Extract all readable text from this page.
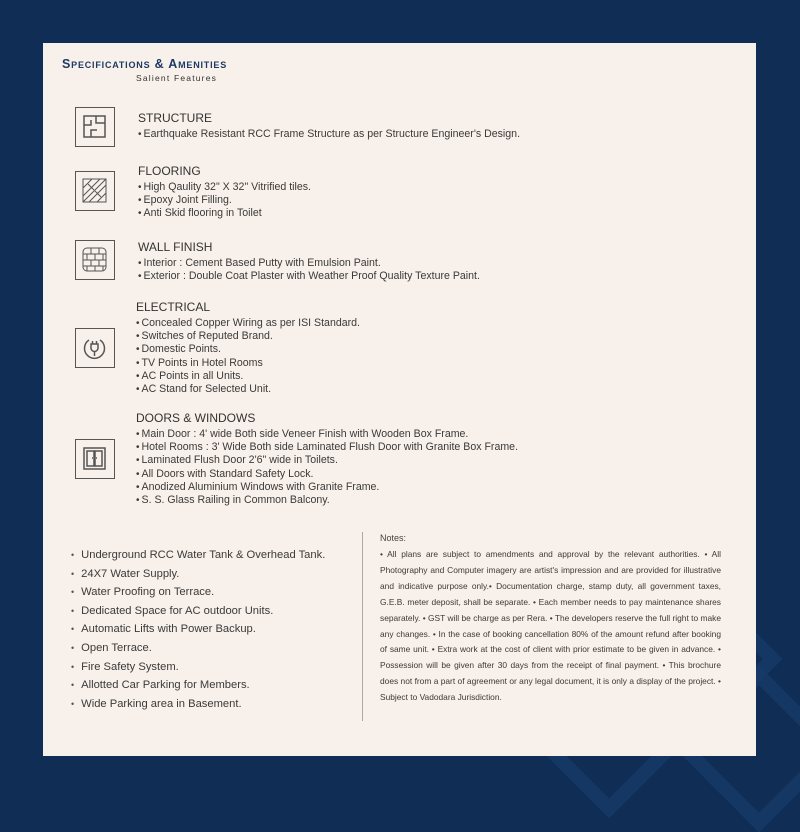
Specifications & Amenities
Salient Features
STRUCTURE
• Earthquake Resistant RCC Frame Structure as per Structure Engineer's Design.
FLOORING
• High Qaulity 32" X 32" Vitrified tiles.
• Epoxy Joint Filling.
• Anti Skid flooring in Toilet
WALL FINISH
• Interior : Cement Based Putty with Emulsion Paint.
• Exterior : Double Coat Plaster with Weather Proof Quality Texture Paint.
ELECTRICAL
• Concealed Copper Wiring as per ISI Standard.
• Switches of Reputed Brand.
• Domestic Points.
• TV Points in Hotel Rooms
• AC Points in all Units.
• AC Stand for Selected Unit.
DOORS & WINDOWS
• Main Door : 4' wide Both side Veneer Finish with Wooden Box Frame.
• Hotel Rooms : 3' Wide Both side Laminated Flush Door with Granite Box Frame.
• Laminated Flush Door 2'6" wide in Toilets.
• All Doors with Standard Safety Lock.
• Anodized Aluminium Windows with Granite Frame.
• S. S. Glass Railing in Common Balcony.
• Underground RCC Water Tank & Overhead Tank.
• 24X7 Water Supply.
• Water Proofing on Terrace.
• Dedicated Space for AC outdoor Units.
• Automatic Lifts with Power Backup.
• Open Terrace.
• Fire Safety System.
• Allotted Car Parking for Members.
• Wide Parking area in Basement.
Notes:

• All plans are subject to amendments and approval by the relevant authorities. • All Photography and Computer imagery are artist's impression and are provided for illustrative and indicative purpose only.• Documentation charge, stamp duty, all government taxes, G.E.B. meter deposit, shall be separate. • Each member needs to pay maintenance shares separately. • GST will be charge as per Rera. • The developers reserve the full right to make any changes. • In the case of booking cancellation 80% of the amount refund after booking of same unit. • Extra work at the cost of client with prior estimate to be given in advance. • Possession will be given after 30 days from the receipt of final payment. • This brochure does not from a part of agreement or any legal document, it is only a display of the project. • Subject to Vadodara Jurisdiction.
